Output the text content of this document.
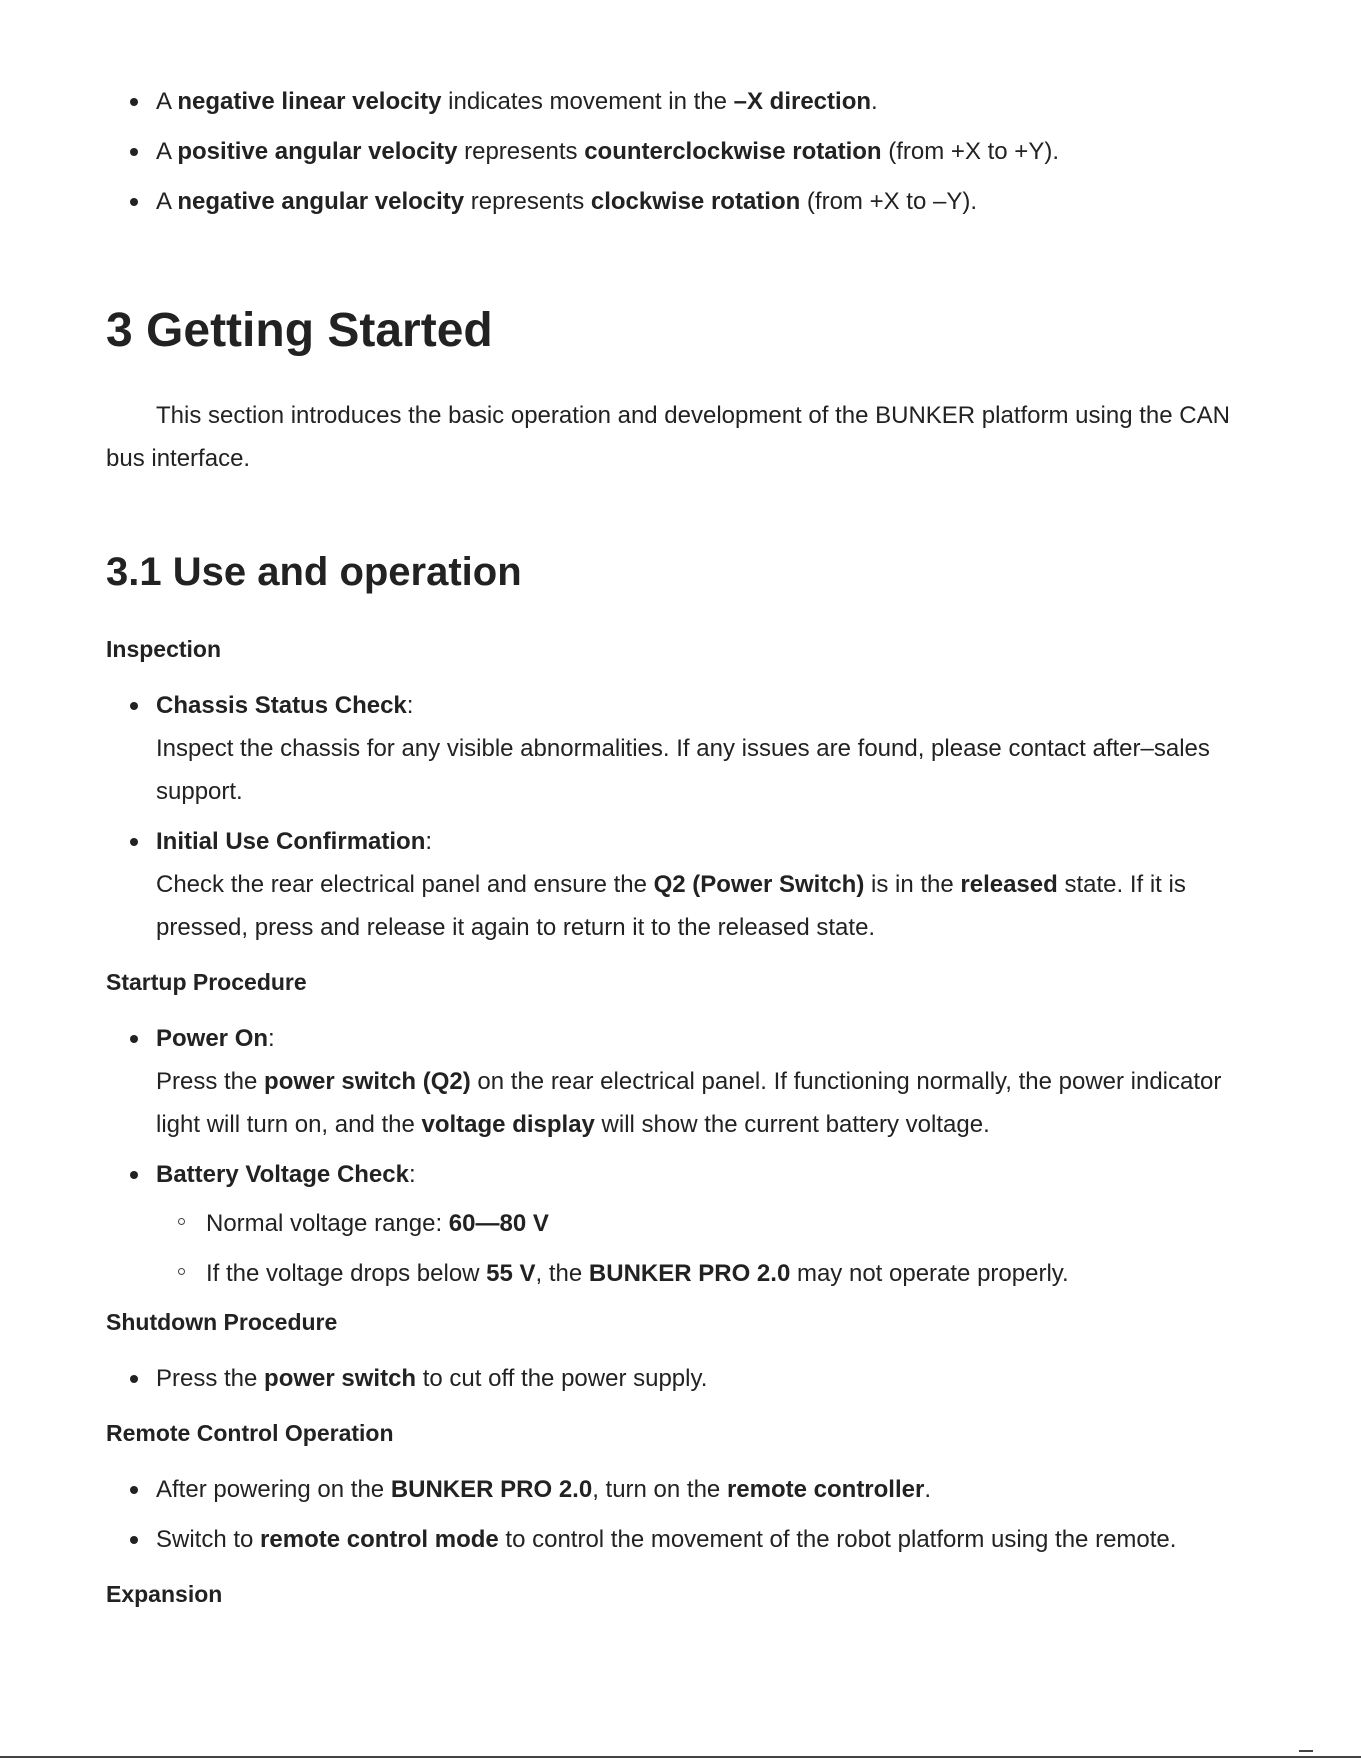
A negative linear velocity indicates movement in the –X direction.
A positive angular velocity represents counterclockwise rotation (from +X to +Y).
A negative angular velocity represents clockwise rotation (from +X to –Y).
3 Getting Started

This section introduces the basic operation and development of the BUNKER platform using the CAN bus interface.

3.1 Use and operation
Inspection
Chassis Status Check:
Inspect the chassis for any visible abnormalities. If any issues are found, please contact after–sales support.
Initial Use Confirmation:
Check the rear electrical panel and ensure the Q2 (Power Switch) is in the released state. If it is pressed, press and release it again to return it to the released state.
Startup Procedure
Power On:
Press the power switch (Q2) on the rear electrical panel. If functioning normally, the power indicator light will turn on, and the voltage display will show the current battery voltage.
Battery Voltage Check:
Normal voltage range: 60—80 V
If the voltage drops below 55 V, the BUNKER PRO 2.0 may not operate properly.
Shutdown Procedure
Press the power switch to cut off the power supply.
Remote Control Operation
After powering on the BUNKER PRO 2.0, turn on the remote controller.
Switch to remote control mode to control the movement of the robot platform using the remote.
Expansion
